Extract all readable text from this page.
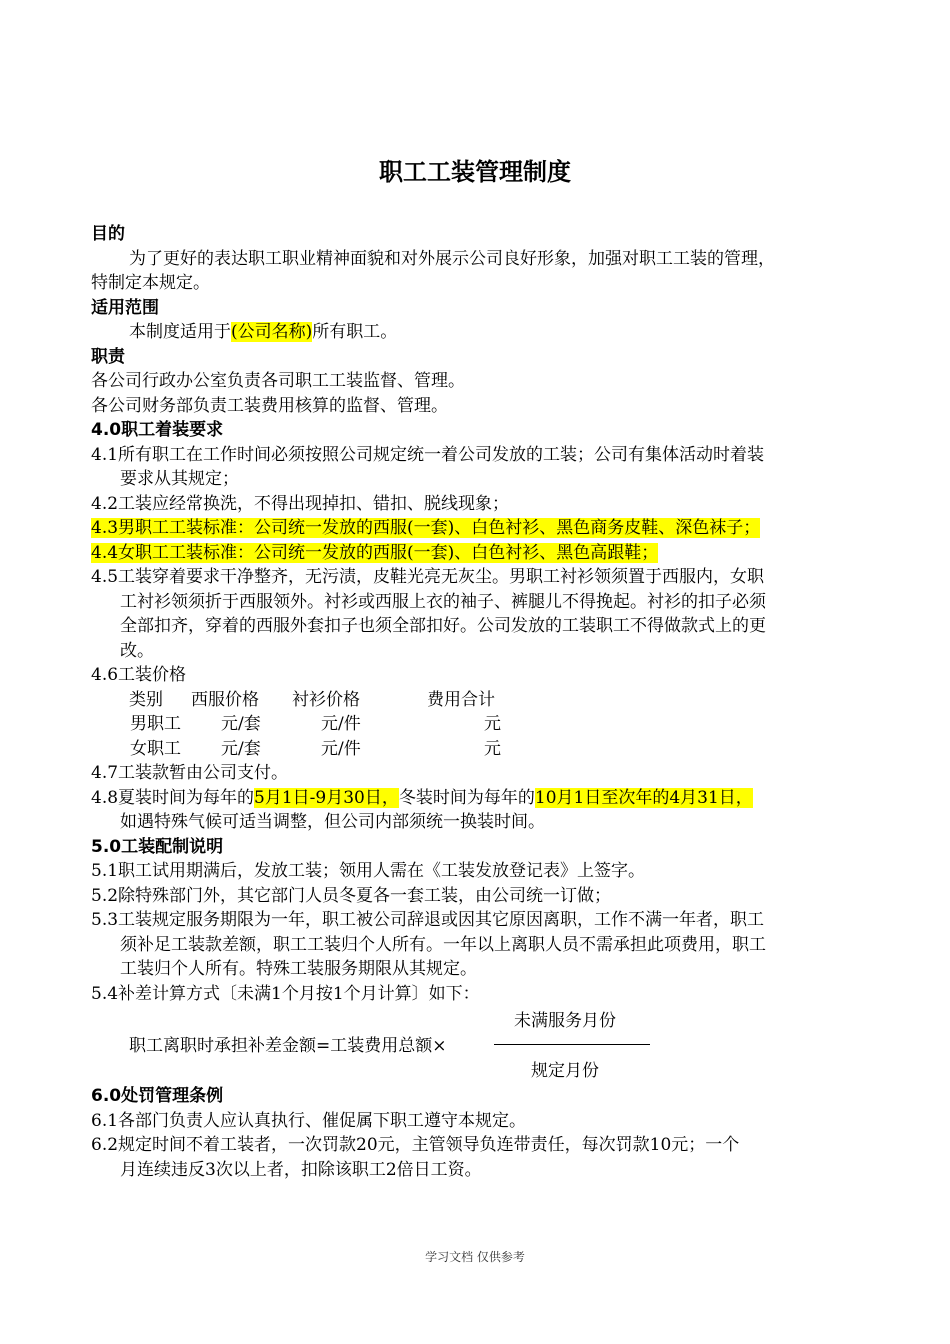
职工工装管理制度
目的
为了更好的表达职工职业精神面貌和对外展示公司良好形象，加强对职工工装的管理，
特制定本规定。
适用范围
本制度适用于(公司名称)所有职工。
职责
各公司行政办公室负责各司职工工装监督、管理。
各公司财务部负责工装费用核算的监督、管理。
4.0职工着装要求
4.1所有职工在工作时间必须按照公司规定统一着公司发放的工装；公司有集体活动时着装
要求从其规定；
4.2工装应经常换洗，不得出现掉扣、错扣、脱线现象；
4.3男职工工装标准：公司统一发放的西服(一套)、白色衬衫、黑色商务皮鞋、深色袜子；
4.4女职工工装标准：公司统一发放的西服(一套)、白色衬衫、黑色高跟鞋；
4.5工装穿着要求干净整齐，无污渍，皮鞋光亮无灰尘。男职工衬衫领须置于西服内，女职
工衬衫领须折于西服领外。衬衫或西服上衣的袖子、裤腿儿不得挽起。衬衫的扣子必须
全部扣齐，穿着的西服外套扣子也须全部扣好。公司发放的工装职工不得做款式上的更
改。
4.6工装价格
类别 西服价格 衬衫价格	费用合计
男职工 元/套	元/件	元
女职工 元/套	元/件	元
4.7工装款暂由公司支付。
4.8夏装时间为每年的5月1日-9月30日，冬装时间为每年的10月1日至次年的4月31日，
如遇特殊气候可适当调整，但公司内部须统一换装时间。
5.0工装配制说明
5.1职工试用期满后，发放工装；领用人需在《工装发放登记表》上签字。
5.2除特殊部门外，其它部门人员冬夏各一套工装，由公司统一订做；
5.3工装规定服务期限为一年，职工被公司辞退或因其它原因离职，工作不满一年者，职工
须补足工装款差额，职工工装归个人所有。一年以上离职人员不需承担此项费用，职工
工装归个人所有。特殊工装服务期限从其规定。
5.4补差计算方式〔未满1个月按1个月计算〕如下：
未满服务月份
职工离职时承担补差金额=工装费用总额×
规定月份
6.0处罚管理条例
6.1各部门负责人应认真执行、催促属下职工遵守本规定。
6.2规定时间不着工装者，一次罚款20元，主管领导负连带责任，每次罚款10元；一个
月连续违反3次以上者，扣除该职工2倍日工资。
学习文档 仅供参考
